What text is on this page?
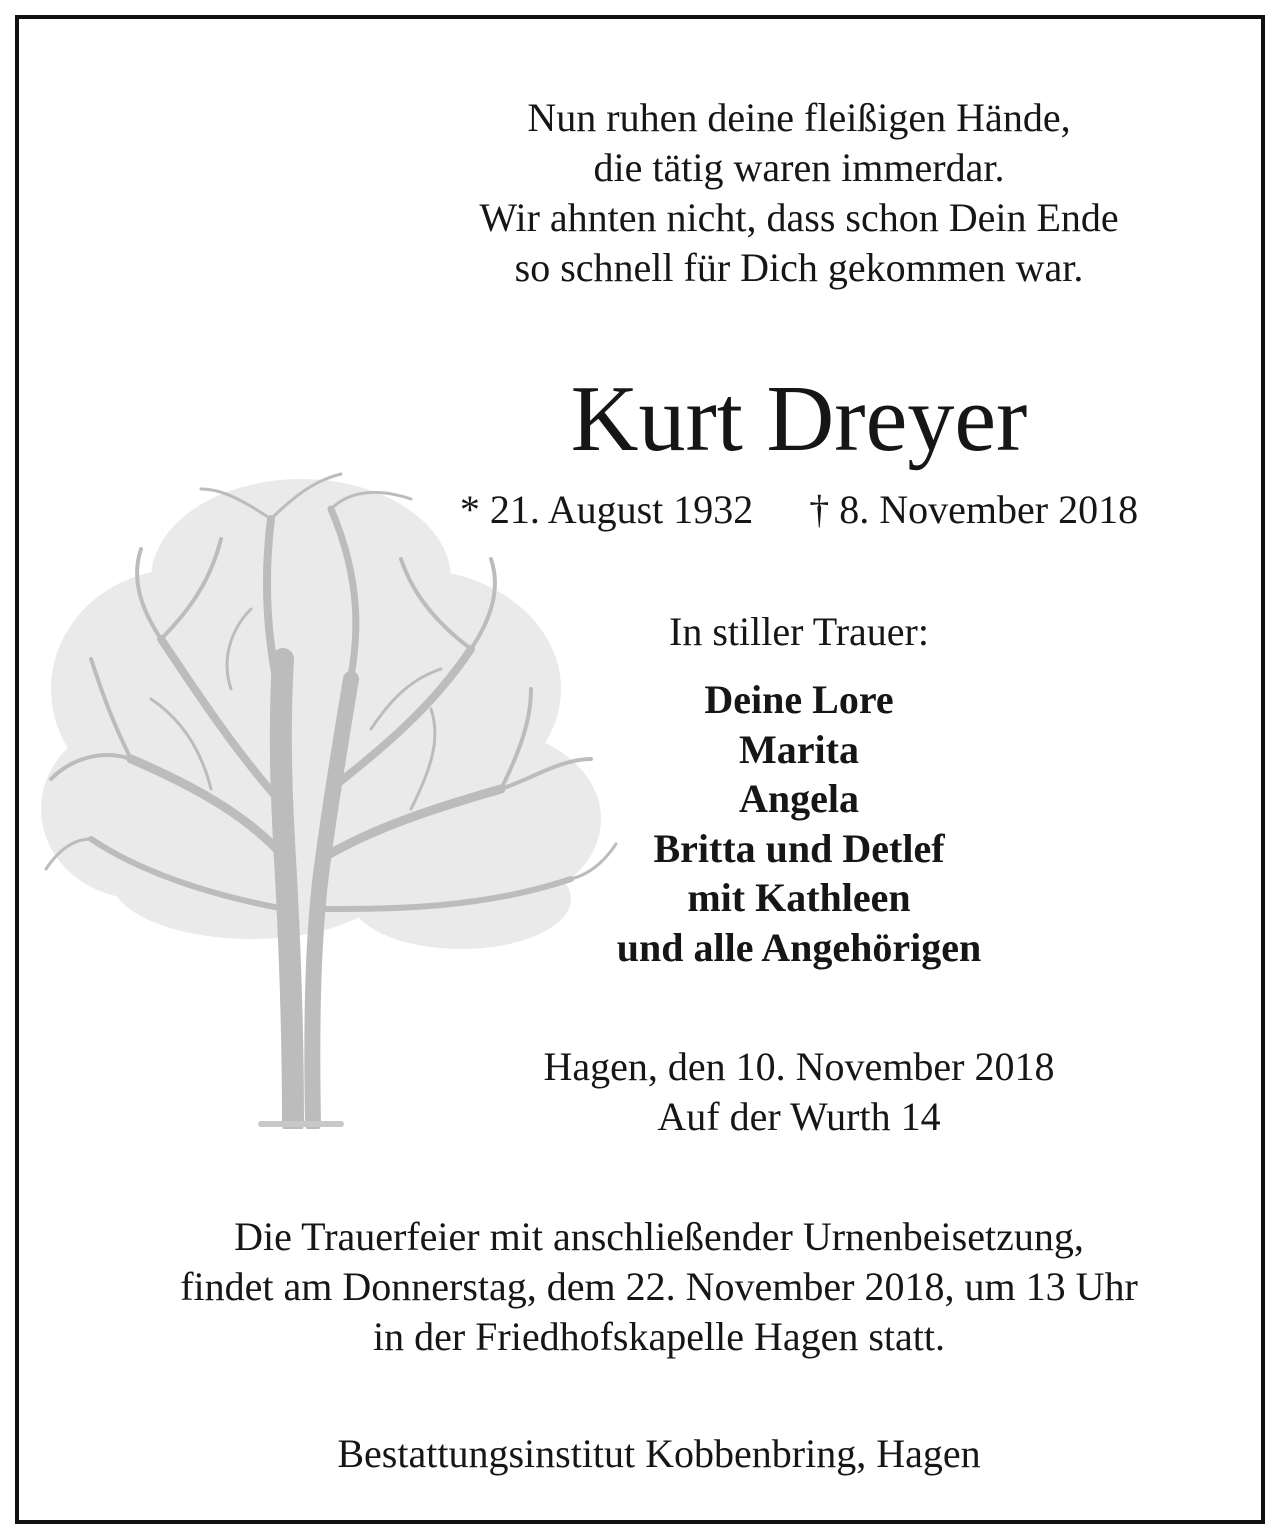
Nun ruhen deine fleißigen Hände,
die tätig waren immerdar.
Wir ahnten nicht, dass schon Dein Ende
so schnell für Dich gekommen war.
Kurt Dreyer
* 21. August 1932 † 8. November 2018
In stiller Trauer:
Deine Lore
Marita
Angela
Britta und Detlef
mit Kathleen
und alle Angehörigen
Hagen, den 10. November 2018
Auf der Wurth 14
Die Trauerfeier mit anschließender Urnenbeisetzung,
findet am Donnerstag, dem 22. November 2018, um 13 Uhr
in der Friedhofskapelle Hagen statt.
Bestattungsinstitut Kobbenbring, Hagen
